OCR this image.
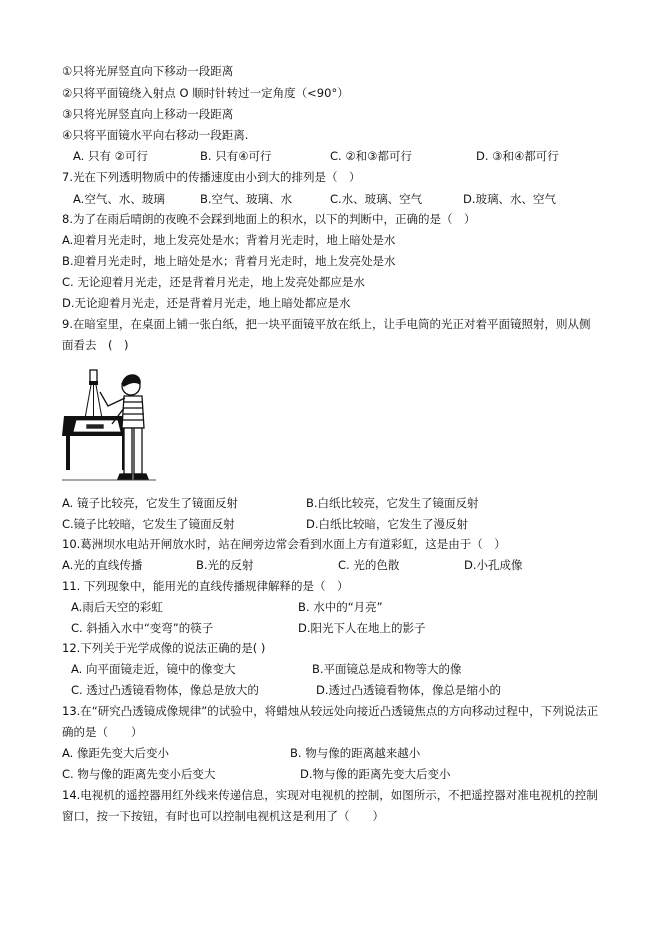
①只将光屏竖直向下移动一段距离
②只将平面镜绕入射点 O 顺时针转过一定角度（<90°）
③只将光屏竖直向上移动一段距离
④只将平面镜水平向右移动一段距离.
A. 只有 ②可行	B. 只有④可行	C. ②和③都可行	D. ③和④都可行
7.光在下列透明物质中的传播速度由小到大的排列是（　）
A.空气、水、玻璃	B.空气、玻璃、水	C.水、玻璃、空气	D.玻璃、水、空气
8.为了在雨后晴朗的夜晚不会踩到地面上的积水，以下的判断中，正确的是（　）
A.迎着月光走时，地上发亮处是水；背着月光走时，地上暗处是水
B.迎着月光走时，地上暗处是水；背着月光走时，地上发亮处是水
C. 无论迎着月光走，还是背着月光走，地上发亮处都应是水
D.无论迎着月光走，还是背着月光走，地上暗处都应是水
9.在暗室里，在桌面上铺一张白纸，把一块平面镜平放在纸上，让手电筒的光正对着平面镜照射，则从侧
面看去　(　)
A. 镜子比较亮，它发生了镜面反射	B.白纸比较亮，它发生了镜面反射
C.镜子比较暗，它发生了镜面反射	D.白纸比较暗，它发生了漫反射
10.葛洲坝水电站开闸放水时，站在闸旁边常会看到水面上方有道彩虹，这是由于（　）
A.光的直线传播	B.光的反射	C. 光的色散	D.小孔成像
11. 下列现象中，能用光的直线传播规律解释的是（　）
A.雨后天空的彩虹	B. 水中的“月亮”
C. 斜插入水中“变弯”的筷子	D.阳光下人在地上的影子
12.下列关于光学成像的说法正确的是( )
A. 向平面镜走近，镜中的像变大	B.平面镜总是成和物等大的像
C. 透过凸透镜看物体，像总是放大的	D.透过凸透镜看物体，像总是缩小的
13.在“研究凸透镜成像规律”的试验中，将蜡烛从较远处向接近凸透镜焦点的方向移动过程中，下列说法正
确的是（　　）
A. 像距先变大后变小	B. 物与像的距离越来越小
C. 物与像的距离先变小后变大	D.物与像的距离先变大后变小
14.电视机的遥控器用红外线来传递信息，实现对电视机的控制，如图所示，不把遥控器对准电视机的控制
窗口，按一下按钮，有时也可以控制电视机这是利用了（　　）
